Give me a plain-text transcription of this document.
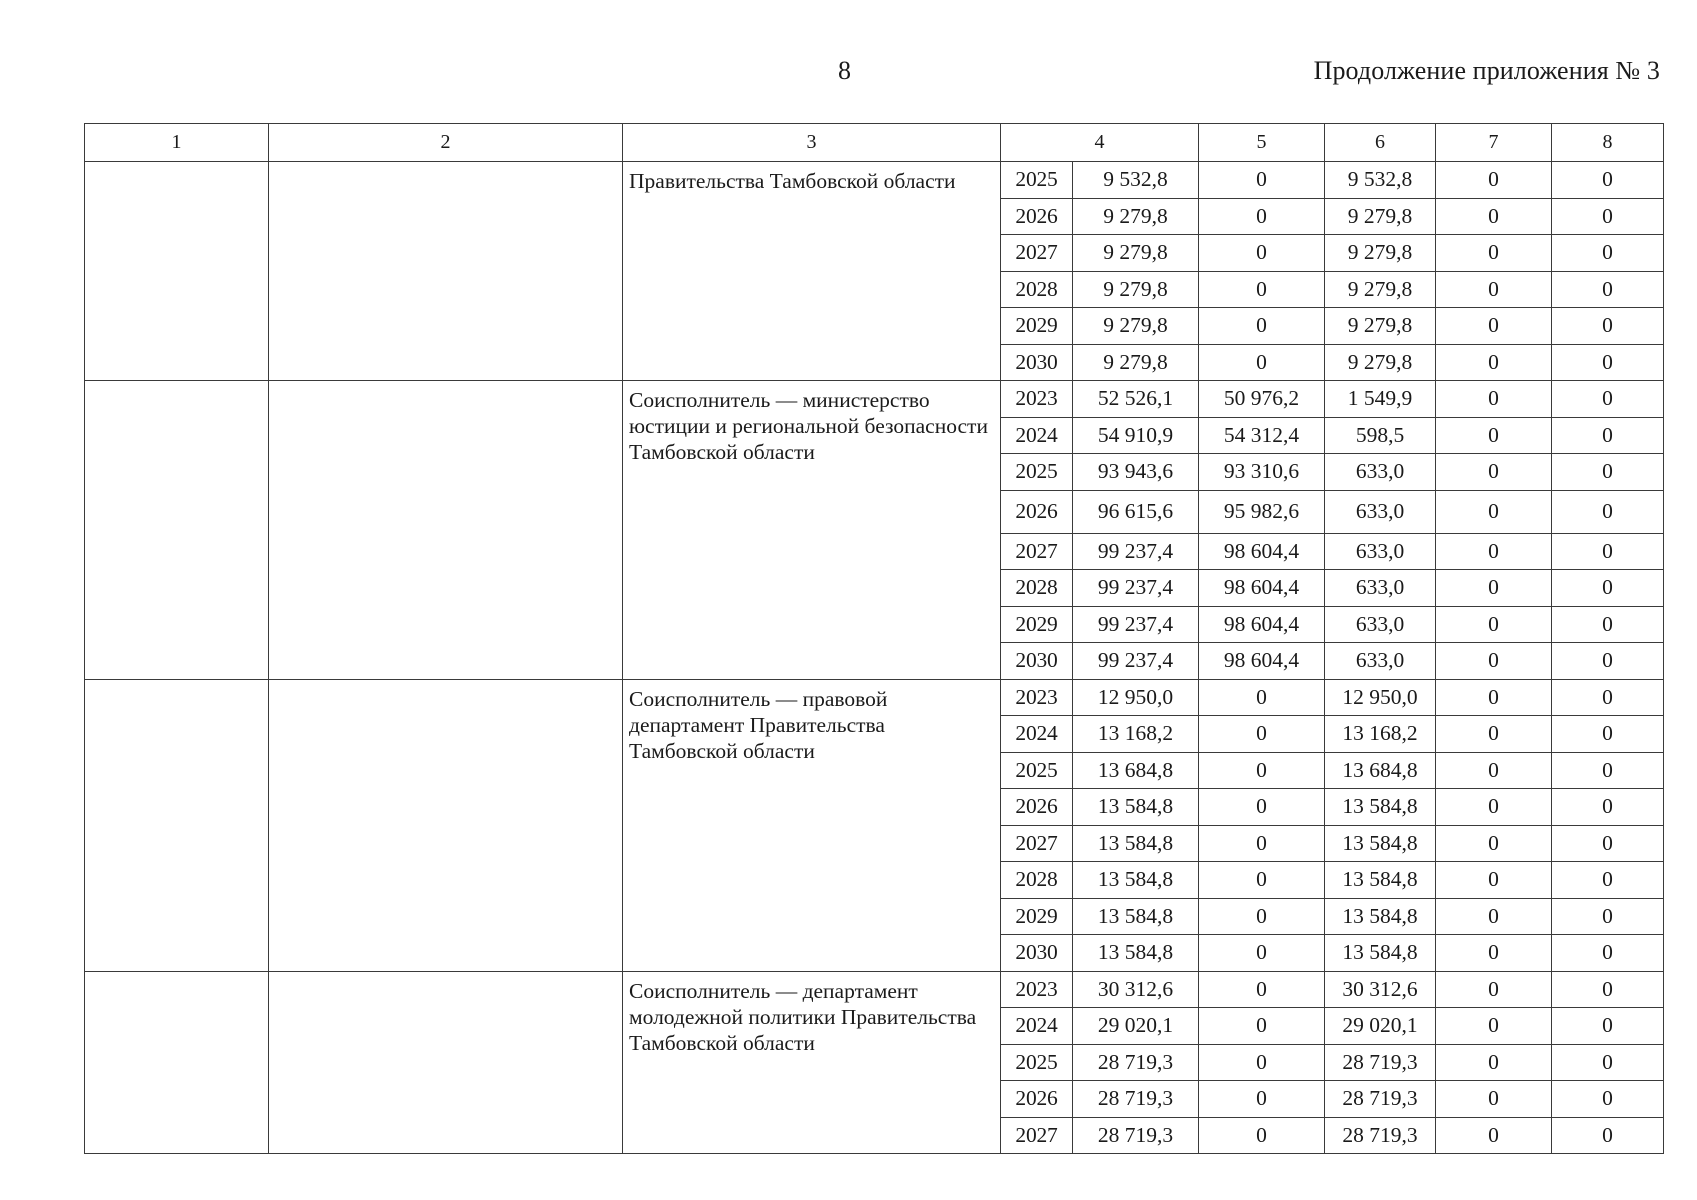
8	Продолжение приложения № 3
1	2	3	4		5	6	7	8
		Правительства Тамбовской области	2025	9 532,8	0	9 532,8	0	0
			2026	9 279,8	0	9 279,8	0	0
			2027	9 279,8	0	9 279,8	0	0
			2028	9 279,8	0	9 279,8	0	0
			2029	9 279,8	0	9 279,8	0	0
			2030	9 279,8	0	9 279,8	0	0
		Соисполнитель — министерство юстиции и региональной безопасности Тамбовской области	2023	52 526,1	50 976,2	1 549,9	0	0
			2024	54 910,9	54 312,4	598,5	0	0
			2025	93 943,6	93 310,6	633,0	0	0
			2026	96 615,6	95 982,6	633,0	0	0
			2027	99 237,4	98 604,4	633,0	0	0
			2028	99 237,4	98 604,4	633,0	0	0
			2029	99 237,4	98 604,4	633,0	0	0
			2030	99 237,4	98 604,4	633,0	0	0
		Соисполнитель — правовой департамент Правительства Тамбовской области	2023	12 950,0	0	12 950,0	0	0
			2024	13 168,2	0	13 168,2	0	0
			2025	13 684,8	0	13 684,8	0	0
			2026	13 584,8	0	13 584,8	0	0
			2027	13 584,8	0	13 584,8	0	0
			2028	13 584,8	0	13 584,8	0	0
			2029	13 584,8	0	13 584,8	0	0
			2030	13 584,8	0	13 584,8	0	0
		Соисполнитель — департамент молодежной политики Правительства Тамбовской области	2023	30 312,6	0	30 312,6	0	0
			2024	29 020,1	0	29 020,1	0	0
			2025	28 719,3	0	28 719,3	0	0
			2026	28 719,3	0	28 719,3	0	0
			2027	28 719,3	0	28 719,3	0	0
